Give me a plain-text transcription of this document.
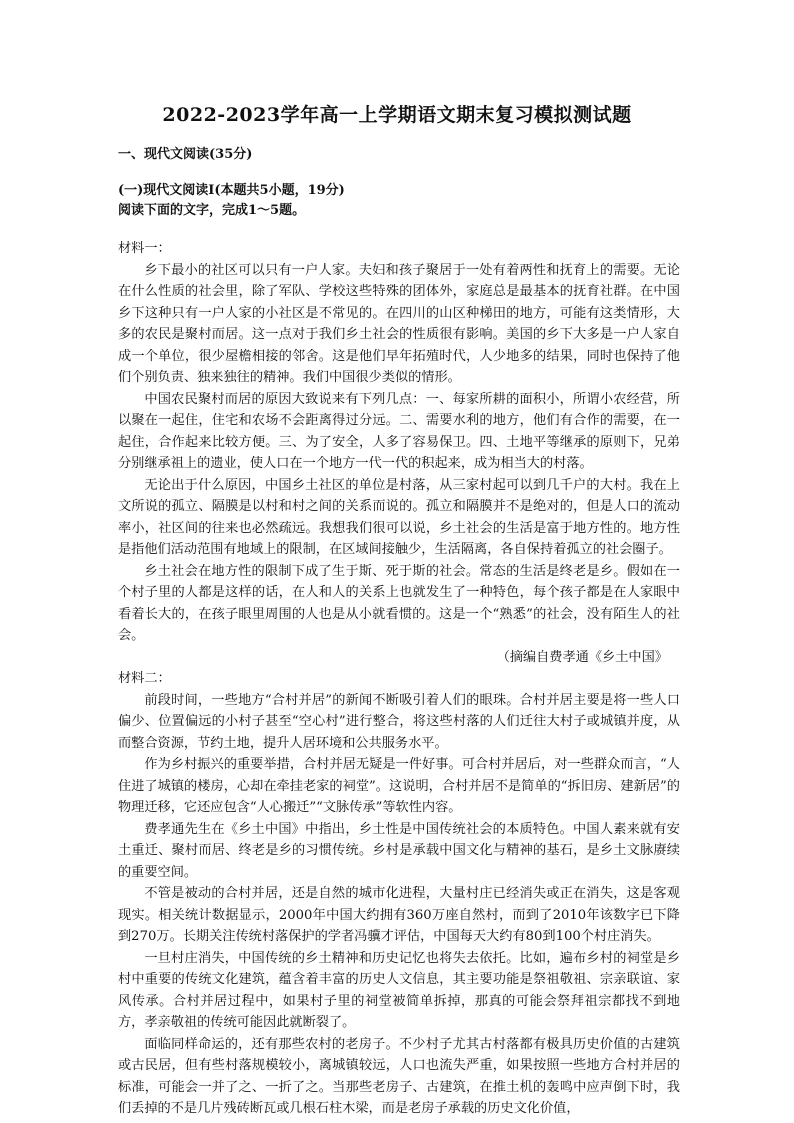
2022-2023学年高一上学期语文期末复习模拟测试题
一、现代文阅读(35分)
(一)现代文阅读Ⅰ(本题共5小题，19分)
阅读下面的文字，完成1～5题。

材料一：

乡下最小的社区可以只有一户人家。夫妇和孩子聚居于一处有着两性和抚育上的需要。无论在什么性质的社会里，除了军队、学校这些特殊的团体外，家庭总是最基本的抚育社群。在中国乡下这种只有一户人家的小社区是不常见的。在四川的山区种梯田的地方，可能有这类情形，大多的农民是聚村而居。这一点对于我们乡土社会的性质很有影响。美国的乡下大多是一户人家自成一个单位，很少屋檐相接的邻舍。这是他们早年拓殖时代，人少地多的结果，同时也保持了他们个别负责、独来独往的精神。我们中国很少类似的情形。

中国农民聚村而居的原因大致说来有下列几点：一、每家所耕的面积小，所谓小农经营，所以聚在一起住，住宅和农场不会距离得过分远。二、需要水利的地方，他们有合作的需要，在一起住，合作起来比较方便。三、为了安全，人多了容易保卫。四、土地平等继承的原则下，兄弟分别继承祖上的遗业，使人口在一个地方一代一代的积起来，成为相当大的村落。

无论出于什么原因，中国乡土社区的单位是村落，从三家村起可以到几千户的大村。我在上文所说的孤立、隔膜是以村和村之间的关系而说的。孤立和隔膜并不是绝对的，但是人口的流动率小，社区间的往来也必然疏远。我想我们很可以说，乡土社会的生活是富于地方性的。地方性是指他们活动范围有地域上的限制，在区域间接触少，生活隔离，各自保持着孤立的社会圈子。

乡土社会在地方性的限制下成了生于斯、死于斯的社会。常态的生活是终老是乡。假如在一个村子里的人都是这样的话，在人和人的关系上也就发生了一种特色，每个孩子都是在人家眼中看着长大的，在孩子眼里周围的人也是从小就看惯的。这是一个“熟悉”的社会，没有陌生人的社会。

（摘编自费孝通《乡土中国》

材料二：

前段时间，一些地方“合村并居”的新闻不断吸引着人们的眼珠。合村并居主要是将一些人口偏少、位置偏远的小村子甚至“空心村”进行整合，将这些村落的人们迁往大村子或城镇并度，从而整合资源，节约土地，提升人居环境和公共服务水平。

作为乡村振兴的重要举措，合村并居无疑是一件好事。可合村并居后，对一些群众而言，“人住进了城镇的楼房，心却在牵挂老家的祠堂”。这说明，合村并居不是简单的“拆旧房、建新居”的物理迁移，它还应包含“人心搬迁”“文脉传承”等软性内容。

费孝通先生在《乡土中国》中指出，乡土性是中国传统社会的本质特色。中国人素来就有安土重迁、聚村而居、终老是乡的习惯传统。乡村是承载中国文化与精神的基石，是乡土文脉赓续的重要空间。

不管是被动的合村并居，还是自然的城市化进程，大量村庄已经消失或正在消失，这是客观现实。相关统计数据显示，2000年中国大约拥有360万座自然村，而到了2010年该数字已下降到270万。长期关注传统村落保护的学者冯骥才评估，中国每天大约有80到100个村庄消失。

一旦村庄消失，中国传统的乡土精神和历史记忆也将失去依托。比如，遍布乡村的祠堂是乡村中重要的传统文化建筑，蕴含着丰富的历史人文信息，其主要功能是祭祖敬祖、宗亲联谊、家风传承。合村并居过程中，如果村子里的祠堂被简单拆掉，那真的可能会祭拜祖宗都找不到地方，孝亲敬祖的传统可能因此就断裂了。

面临同样命运的，还有那些农村的老房子。不少村子尤其古村落都有极具历史价值的古建筑或古民居，但有些村落规模较小，离城镇较远，人口也流失严重，如果按照一些地方合村并居的标准，可能会一并了之、一折了之。当那些老房子、古建筑，在推土机的轰鸣中应声倒下时，我们丢掉的不是几片残砖断瓦或几根石柱木梁，而是老房子承载的历史文化价值，
